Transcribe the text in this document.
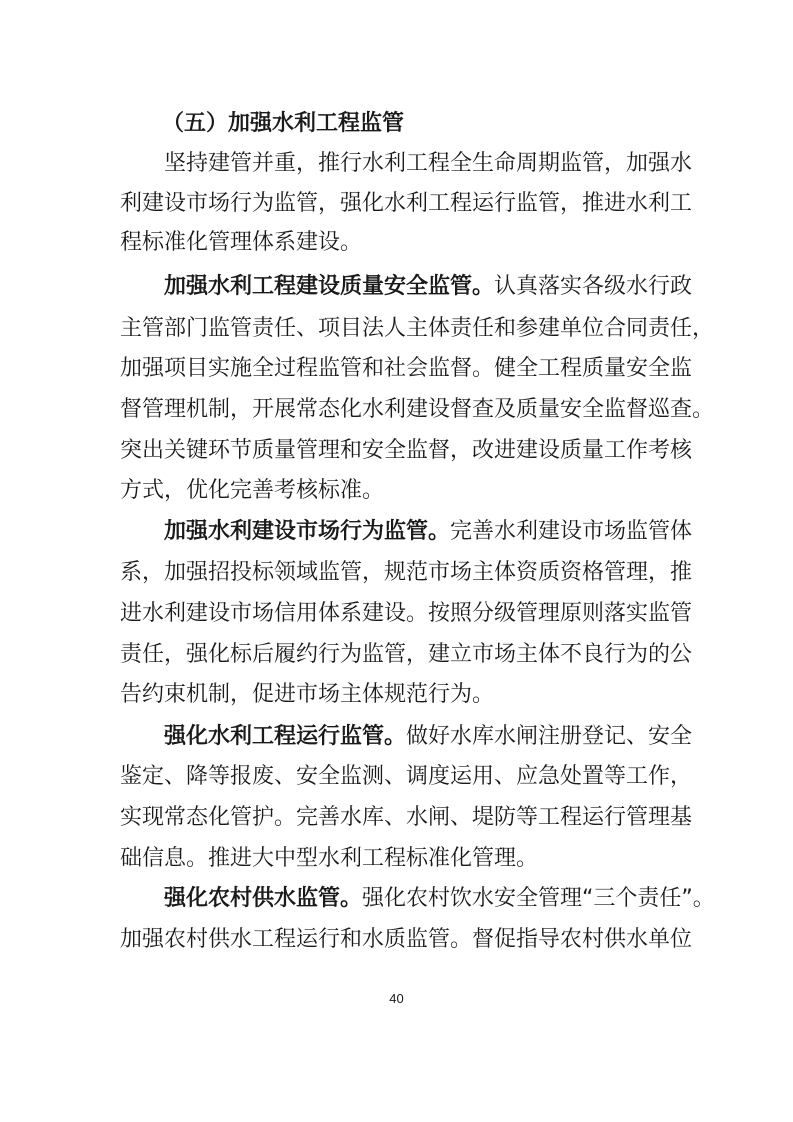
（五）加强水利工程监管
坚持建管并重，推行水利工程全生命周期监管，加强水
利建设市场行为监管，强化水利工程运行监管，推进水利工
程标准化管理体系建设。
加强水利工程建设质量安全监管。认真落实各级水行政
主管部门监管责任、项目法人主体责任和参建单位合同责任，
加强项目实施全过程监管和社会监督。健全工程质量安全监
督管理机制，开展常态化水利建设督查及质量安全监督巡查。
突出关键环节质量管理和安全监督，改进建设质量工作考核
方式，优化完善考核标准。
加强水利建设市场行为监管。完善水利建设市场监管体
系，加强招投标领域监管，规范市场主体资质资格管理，推
进水利建设市场信用体系建设。按照分级管理原则落实监管
责任，强化标后履约行为监管，建立市场主体不良行为的公
告约束机制，促进市场主体规范行为。
强化水利工程运行监管。做好水库水闸注册登记、安全
鉴定、降等报废、安全监测、调度运用、应急处置等工作，
实现常态化管护。完善水库、水闸、堤防等工程运行管理基
础信息。推进大中型水利工程标准化管理。
强化农村供水监管。强化农村饮水安全管理“三个责任”。
加强农村供水工程运行和水质监管。督促指导农村供水单位
40
